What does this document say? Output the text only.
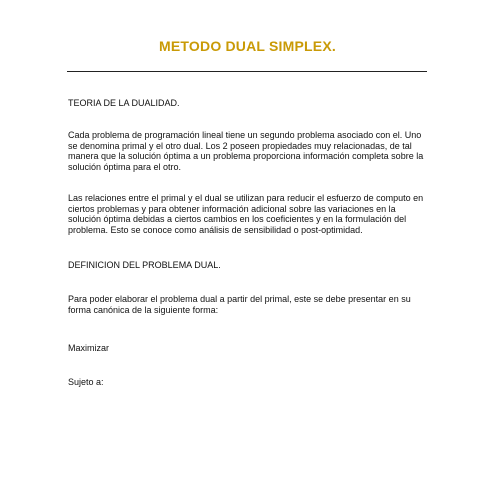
METODO DUAL SIMPLEX.
TEORIA DE LA DUALIDAD.
Cada problema de programación lineal tiene un segundo problema asociado con el. Uno se denomina primal y el otro dual. Los 2 poseen propiedades muy relacionadas, de tal manera que la solución óptima a un problema proporciona información completa sobre la solución óptima para el otro.
Las relaciones entre el primal y el dual se utilizan para reducir el esfuerzo de computo en ciertos problemas y para obtener información adicional sobre las variaciones en la solución óptima debidas a ciertos cambios en los coeficientes y en la formulación del problema. Esto se conoce como análisis de sensibilidad o post-optimidad.
DEFINICION DEL PROBLEMA DUAL.
Para poder elaborar el problema dual a partir del primal, este se debe presentar en su forma canónica de la siguiente forma:
Maximizar
Sujeto a:
